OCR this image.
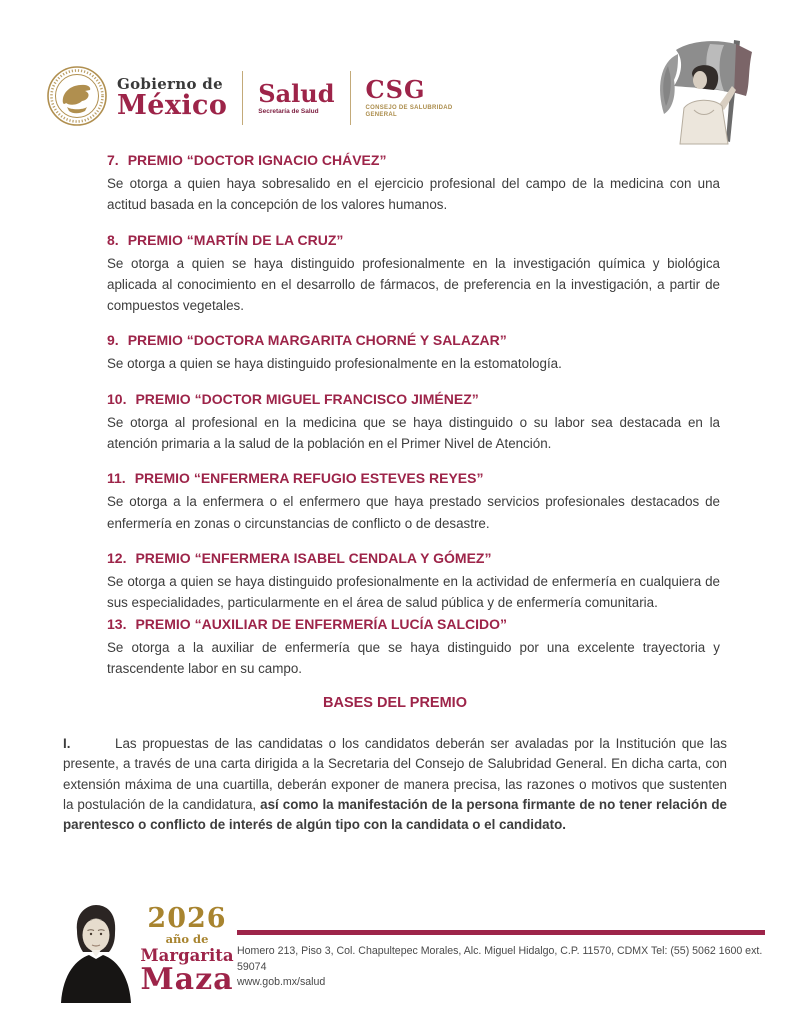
Gobierno de
México Salud
Secretaría de Salud
CSG
CONSEJO DE SALUBRIDAD
GENERAL
7. PREMIO “DOCTOR IGNACIO CHÁVEZ”

Se otorga a quien haya sobresalido en el ejercicio profesional del campo de la medicina con una actitud basada en la concepción de los valores humanos.

8. PREMIO “MARTÍN DE LA CRUZ”

Se otorga a quien se haya distinguido profesionalmente en la investigación química y biológica aplicada al conocimiento en el desarrollo de fármacos, de preferencia en la investigación, a partir de compuestos vegetales.

9. PREMIO “DOCTORA MARGARITA CHORNÉ Y SALAZAR”

Se otorga a quien se haya distinguido profesionalmente en la estomatología.

10. PREMIO “DOCTOR MIGUEL FRANCISCO JIMÉNEZ”

Se otorga al profesional en la medicina que se haya distinguido o su labor sea destacada en la atención primaria a la salud de la población en el Primer Nivel de Atención.

11. PREMIO “ENFERMERA REFUGIO ESTEVES REYES”

Se otorga a la enfermera o el enfermero que haya prestado servicios profesionales destacados de enfermería en zonas o circunstancias de conflicto o de desastre.

12. PREMIO “ENFERMERA ISABEL CENDALA Y GÓMEZ”

Se otorga a quien se haya distinguido profesionalmente en la actividad de enfermería en cualquiera de sus especialidades, particularmente en el área de salud pública y de enfermería comunitaria.

13. PREMIO “AUXILIAR DE ENFERMERÍA LUCÍA SALCIDO”

Se otorga a la auxiliar de enfermería que se haya distinguido por una excelente trayectoria y trascendente labor en su campo.

BASES DEL PREMIO

I.	Las propuestas de las candidatas o los candidatos deberán ser avaladas por la Institución que las presente, a través de una carta dirigida a la Secretaria del Consejo de Salubridad General. En dicha carta, con extensión máxima de una cuartilla, deberán exponer de manera precisa, las razones o motivos que sustenten la postulación de la candidatura, así como la manifestación de la persona firmante de no tener relación de parentesco o conflicto de interés de algún tipo con la candidata o el candidato.

2026
año de
Margarita
Maza
Homero 213, Piso 3, Col. Chapultepec Morales, Alc. Miguel Hidalgo, C.P. 11570, CDMX Tel: (55) 5062 1600 ext. 59074
www.gob.mx/salud
